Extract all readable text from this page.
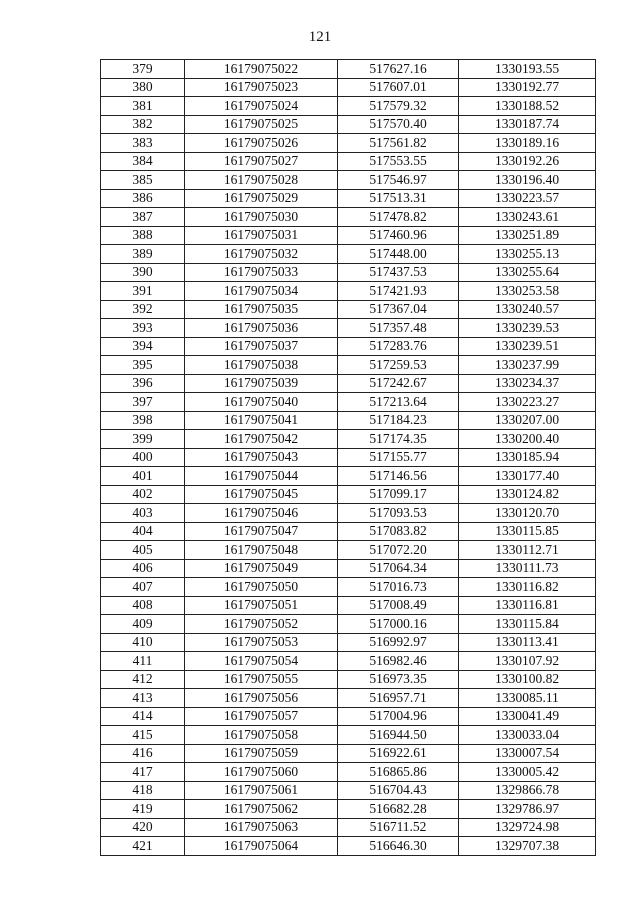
121
379	16179075022	517627.16	1330193.55
380	16179075023	517607.01	1330192.77
381	16179075024	517579.32	1330188.52
382	16179075025	517570.40	1330187.74
383	16179075026	517561.82	1330189.16
384	16179075027	517553.55	1330192.26
385	16179075028	517546.97	1330196.40
386	16179075029	517513.31	1330223.57
387	16179075030	517478.82	1330243.61
388	16179075031	517460.96	1330251.89
389	16179075032	517448.00	1330255.13
390	16179075033	517437.53	1330255.64
391	16179075034	517421.93	1330253.58
392	16179075035	517367.04	1330240.57
393	16179075036	517357.48	1330239.53
394	16179075037	517283.76	1330239.51
395	16179075038	517259.53	1330237.99
396	16179075039	517242.67	1330234.37
397	16179075040	517213.64	1330223.27
398	16179075041	517184.23	1330207.00
399	16179075042	517174.35	1330200.40
400	16179075043	517155.77	1330185.94
401	16179075044	517146.56	1330177.40
402	16179075045	517099.17	1330124.82
403	16179075046	517093.53	1330120.70
404	16179075047	517083.82	1330115.85
405	16179075048	517072.20	1330112.71
406	16179075049	517064.34	1330111.73
407	16179075050	517016.73	1330116.82
408	16179075051	517008.49	1330116.81
409	16179075052	517000.16	1330115.84
410	16179075053	516992.97	1330113.41
411	16179075054	516982.46	1330107.92
412	16179075055	516973.35	1330100.82
413	16179075056	516957.71	1330085.11
414	16179075057	517004.96	1330041.49
415	16179075058	516944.50	1330033.04
416	16179075059	516922.61	1330007.54
417	16179075060	516865.86	1330005.42
418	16179075061	516704.43	1329866.78
419	16179075062	516682.28	1329786.97
420	16179075063	516711.52	1329724.98
421	16179075064	516646.30	1329707.38
